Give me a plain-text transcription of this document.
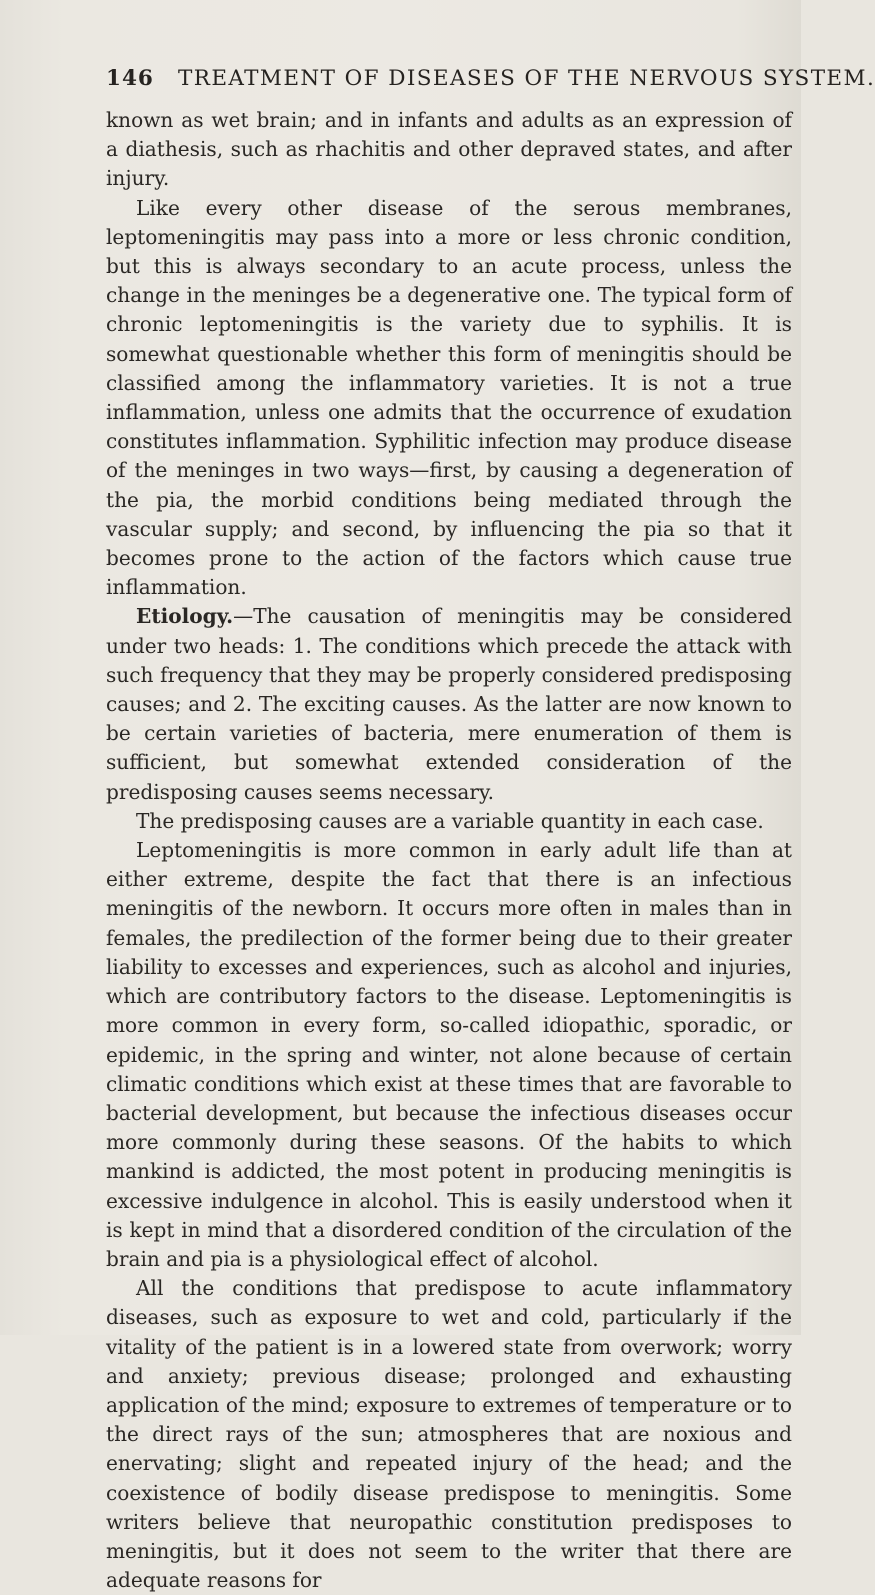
146 TREATMENT OF DISEASES OF THE NERVOUS SYSTEM.

known as wet brain; and in infants and adults as an expression of a diathesis, such as rhachitis and other depraved states, and after injury.

Like every other disease of the serous membranes, leptomeningitis may pass into a more or less chronic condition, but this is always secondary to an acute process, unless the change in the meninges be a degenerative one. The typical form of chronic leptomeningitis is the variety due to syphilis. It is somewhat questionable whether this form of meningitis should be classified among the inflammatory varieties. It is not a true inflammation, unless one admits that the occurrence of exudation constitutes inflammation. Syphilitic infection may produce disease of the meninges in two ways—first, by causing a degeneration of the pia, the morbid conditions being mediated through the vascular supply; and second, by influencing the pia so that it becomes prone to the action of the factors which cause true inflammation.

Etiology.—The causation of meningitis may be considered under two heads: 1. The conditions which precede the attack with such frequency that they may be properly considered predisposing causes; and 2. The exciting causes. As the latter are now known to be certain varieties of bacteria, mere enumeration of them is sufficient, but somewhat extended consideration of the predisposing causes seems necessary.

The predisposing causes are a variable quantity in each case.

Leptomeningitis is more common in early adult life than at either extreme, despite the fact that there is an infectious meningitis of the newborn. It occurs more often in males than in females, the predilection of the former being due to their greater liability to excesses and experiences, such as alcohol and injuries, which are contributory factors to the disease. Leptomeningitis is more common in every form, so-called idiopathic, sporadic, or epidemic, in the spring and winter, not alone because of certain climatic conditions which exist at these times that are favorable to bacterial development, but because the infectious diseases occur more commonly during these seasons. Of the habits to which mankind is addicted, the most potent in producing meningitis is excessive indulgence in alcohol. This is easily understood when it is kept in mind that a disordered condition of the circulation of the brain and pia is a physiological effect of alcohol.

All the conditions that predispose to acute inflammatory diseases, such as exposure to wet and cold, particularly if the vitality of the patient is in a lowered state from overwork; worry and anxiety; previous disease; prolonged and exhausting application of the mind; exposure to extremes of temperature or to the direct rays of the sun; atmospheres that are noxious and enervating; slight and repeated injury of the head; and the coexistence of bodily disease predispose to meningitis. Some writers believe that neuropathic constitution predisposes to meningitis, but it does not seem to the writer that there are adequate reasons for
